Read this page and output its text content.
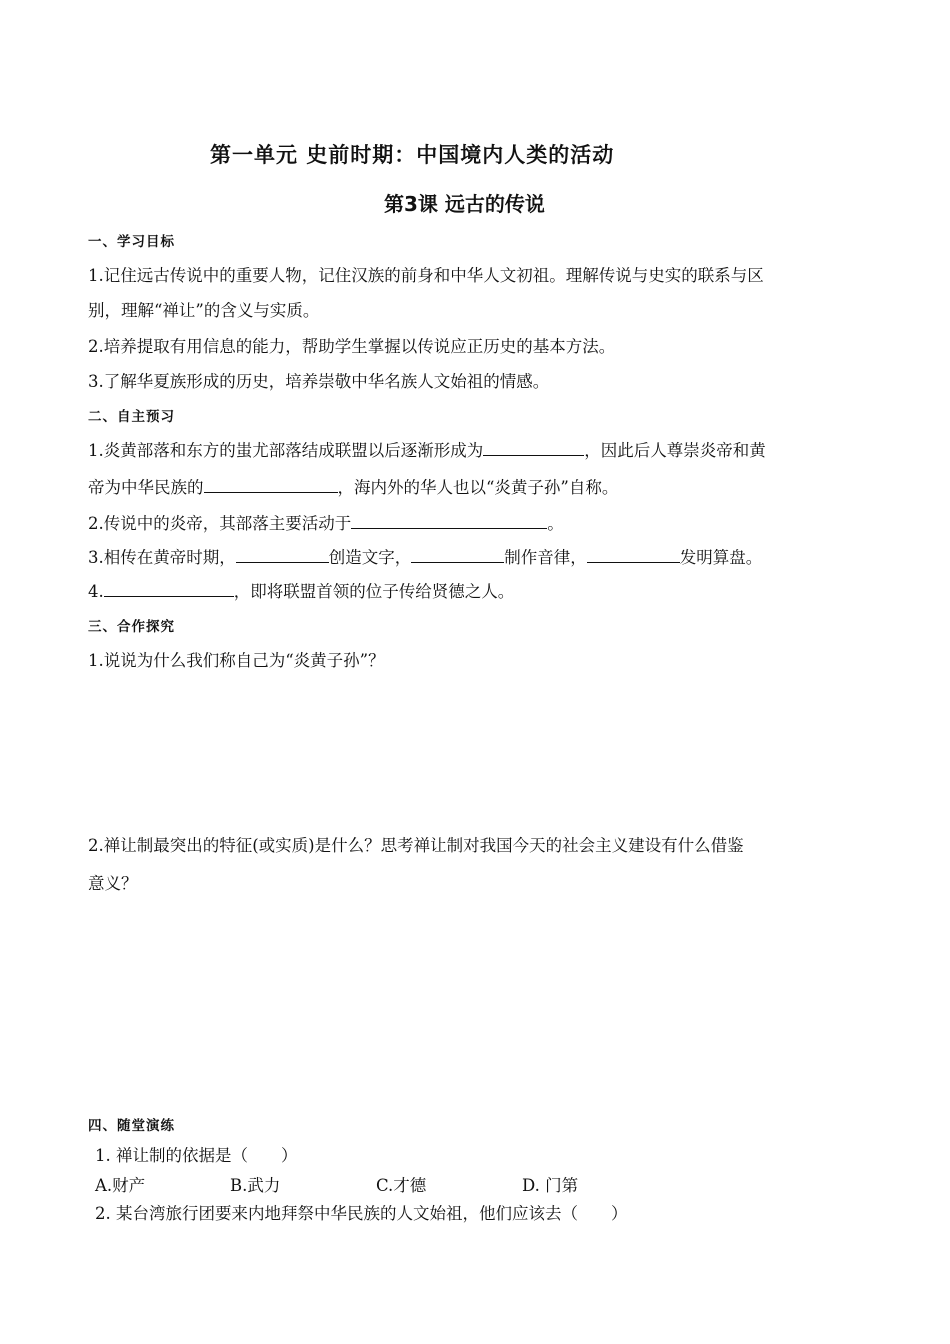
第一单元 史前时期：中国境内人类的活动
第3课 远古的传说
一、学习目标
1.记住远古传说中的重要人物，记住汉族的前身和中华人文初祖。理解传说与史实的联系与区
别，理解“禅让”的含义与实质。
2.培养提取有用信息的能力，帮助学生掌握以传说应正历史的基本方法。
3.了解华夏族形成的历史，培养崇敬中华名族人文始祖的情感。
二、自主预习
1.炎黄部落和东方的蚩尤部落结成联盟以后逐渐形成为	，因此后人尊崇炎帝和黄
帝为中华民族的	，海内外的华人也以“炎黄子孙”自称。
2.传说中的炎帝，其部落主要活动于	。
3.相传在黄帝时期，	创造文字，	制作音律，	发明算盘。
4.	，即将联盟首领的位子传给贤德之人。
三、合作探究
1.说说为什么我们称自己为“炎黄子孙”？
2.禅让制最突出的特征(或实质)是什么？思考禅让制对我国今天的社会主义建设有什么借鉴
意义？
四、随堂演练
1. 禅让制的依据是（　　）
A.财产	B.武力	C.才德	D. 门第
2. 某台湾旅行团要来内地拜祭中华民族的人文始祖，他们应该去（　　）
